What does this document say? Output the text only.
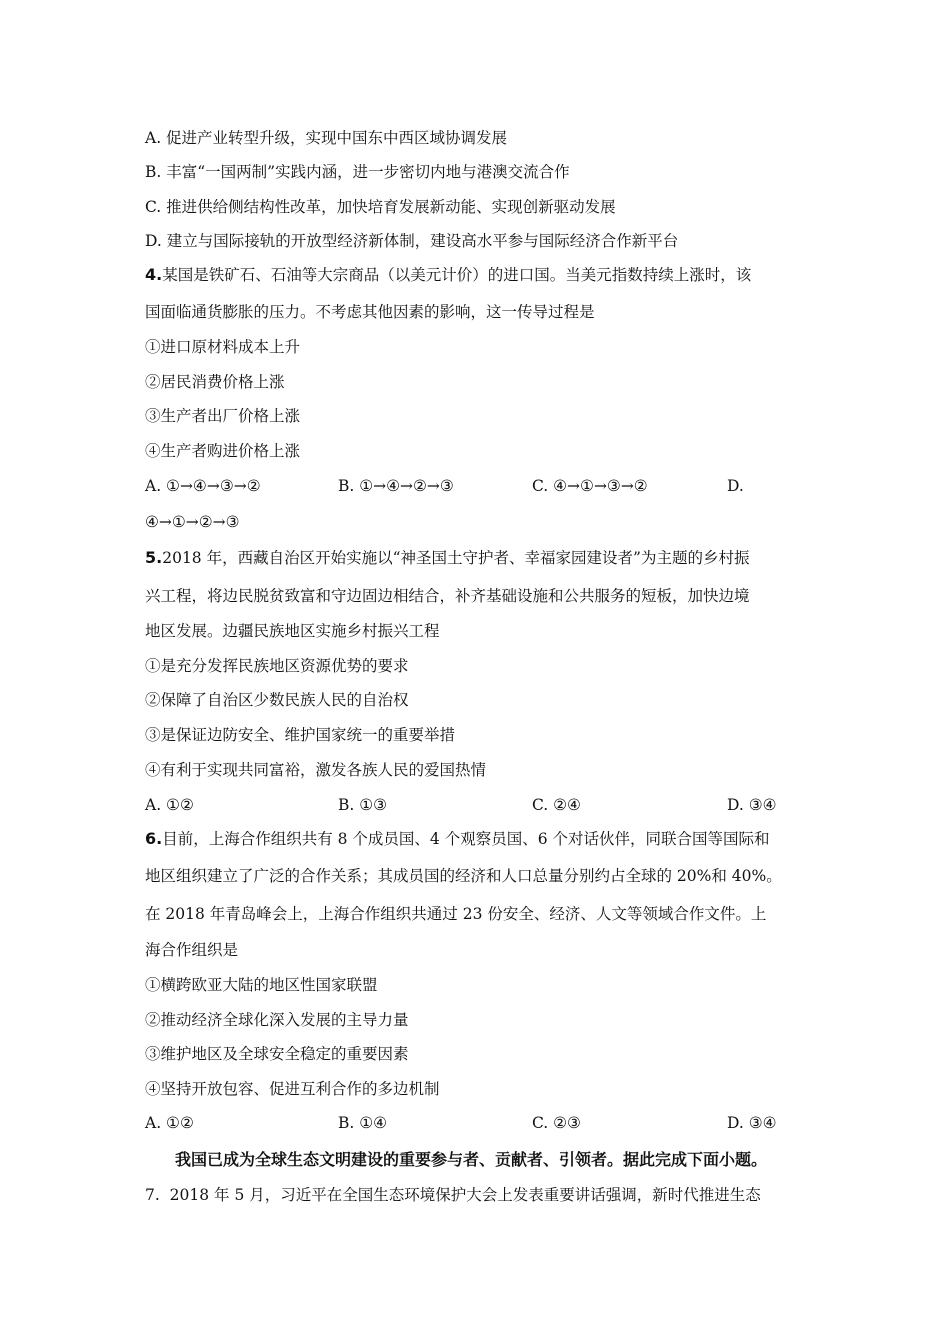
A. 促进产业转型升级，实现中国东中西区域协调发展
B. 丰富“一国两制”实践内涵，进一步密切内地与港澳交流合作
C. 推进供给侧结构性改革，加快培育发展新动能、实现创新驱动发展
D. 建立与国际接轨的开放型经济新体制，建设高水平参与国际经济合作新平台
4.某国是铁矿石、石油等大宗商品（以美元计价）的进口国。当美元指数持续上涨时，该
国面临通货膨胀的压力。不考虑其他因素的影响，这一传导过程是
①进口原材料成本上升
②居民消费价格上涨
③生产者出厂价格上涨
④生产者购进价格上涨
A. ①→④→③→②	B. ①→④→②→③	C. ④→①→③→②	D.
④→①→②→③
5.2018 年，西藏自治区开始实施以“神圣国土守护者、幸福家园建设者”为主题的乡村振
兴工程，将边民脱贫致富和守边固边相结合，补齐基础设施和公共服务的短板，加快边境
地区发展。边疆民族地区实施乡村振兴工程
①是充分发挥民族地区资源优势的要求
②保障了自治区少数民族人民的自治权
③是保证边防安全、维护国家统一的重要举措
④有利于实现共同富裕，激发各族人民的爱国热情
A. ①②	B. ①③	C. ②④	D. ③④
6.目前，上海合作组织共有 8 个成员国、4 个观察员国、6 个对话伙伴，同联合国等国际和
地区组织建立了广泛的合作关系；其成员国的经济和人口总量分别约占全球的 20%和 40%。
在 2018 年青岛峰会上，上海合作组织共通过 23 份安全、经济、人文等领域合作文件。上
海合作组织是
①横跨欧亚大陆的地区性国家联盟
②推动经济全球化深入发展的主导力量
③维护地区及全球安全稳定的重要因素
④坚持开放包容、促进互利合作的多边机制
A. ①②	B. ①④	C. ②③	D. ③④
我国已成为全球生态文明建设的重要参与者、贡献者、引领者。据此完成下面小题。
7. 2018 年 5 月，习近平在全国生态环境保护大会上发表重要讲话强调，新时代推进生态
